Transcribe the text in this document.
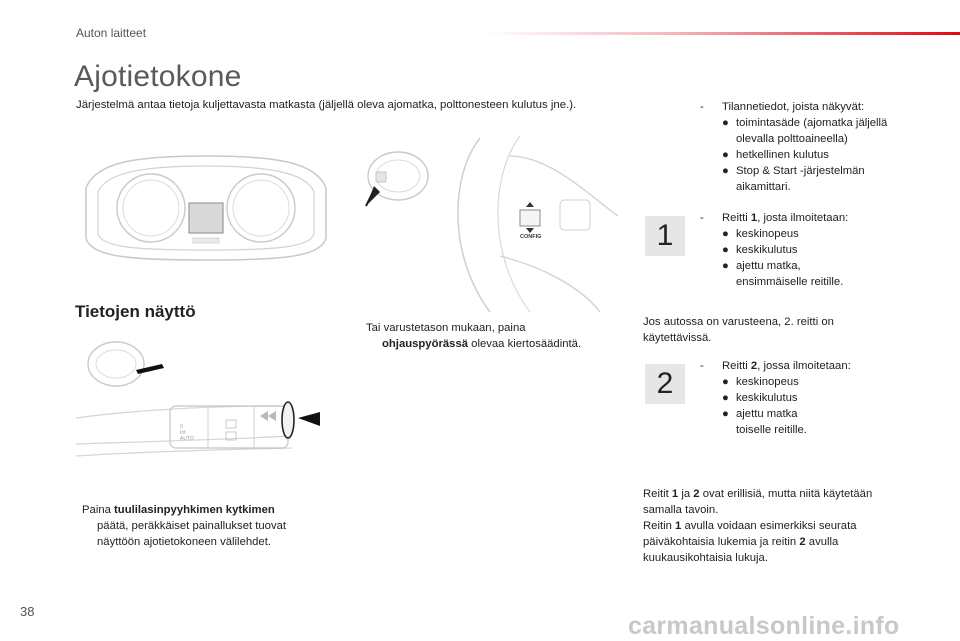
Auton laitteet
Ajotietokone
Järjestelmä antaa tietoja kuljettavasta matkasta (jäljellä oleva ajomatka, polttonesteen kulutus jne.).
CONFIG
Tietojen näyttö
0
AUTO
Int
Tai varustetason mukaan, paina
ohjauspyörässä olevaa kiertosäädintä.
Paina tuulilasinpyyhkimen kytkimen
päätä, peräkkäiset painallukset tuovat
näyttöön ajotietokoneen välilehdet.
- Tilannetiedot, joista näkyvät:
● toimintasäde (ajomatka jäljellä
olevalla polttoaineella)
● hetkellinen kulutus
● Stop & Start -järjestelmän
aikamittari.
1
- Reitti 1, josta ilmoitetaan:
● keskinopeus
● keskikulutus
● ajettu matka,
ensimmäiselle reitille.
Jos autossa on varusteena, 2. reitti on
käytettävissä.
2
- Reitti 2, jossa ilmoitetaan:
● keskinopeus
● keskikulutus
● ajettu matka
toiselle reitille.
Reitit 1 ja 2 ovat erillisiä, mutta niitä käytetään
samalla tavoin.
Reitin 1 avulla voidaan esimerkiksi seurata
päiväkohtaisia lukemia ja reitin 2 avulla
kuukausikohtaisia lukuja.
38
carmanualsonline.info
